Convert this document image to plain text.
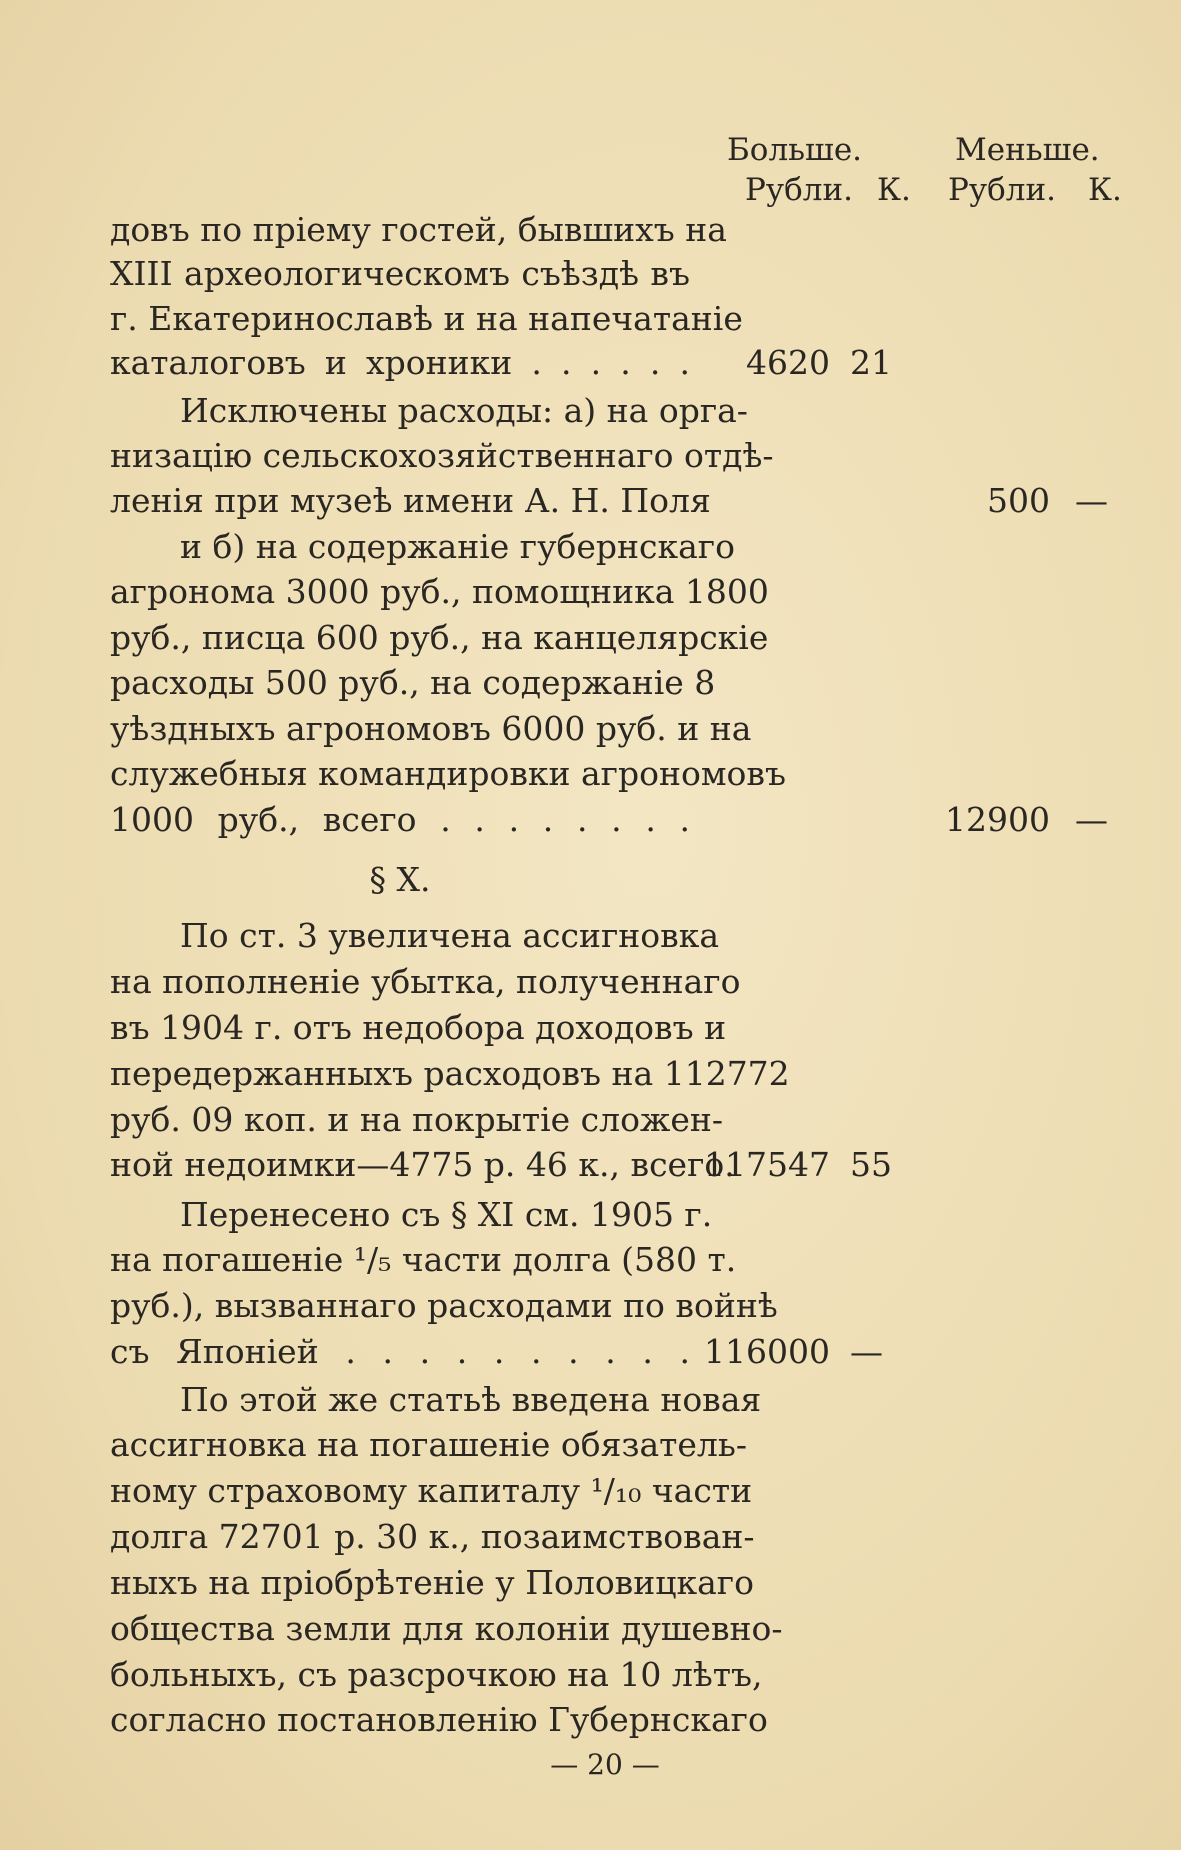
Больше.	Меньше.
Рубли. К. Рубли. К.
довъ по пріему гостей, бывшихъ на
XIII археологическомъ съѣздѣ въ
г. Екатеринославѣ и на напечатаніе
каталоговъ и хроники . . . . . .
Исключены расходы: а) на орга-
низацію сельскохозяйственнаго отдѣ-
ленія при музеѣ имени А. Н. Поля
и б) на содержаніе губернскаго
агронома 3000 руб., помощника 1800
руб., писца 600 руб., на канцелярскіе
расходы 500 руб., на содержаніе 8
уѣздныхъ агрономовъ 6000 руб. и на
служебныя командировки агрономовъ
1000 руб., всего . . . . . . . .
§ X.
По ст. 3 увеличена ассигновка
на пополненіе убытка, полученнаго
въ 1904 г. отъ недобора доходовъ и
передержанныхъ расходовъ на 112772
руб. 09 коп. и на покрытіе сложен-
ной недоимки—4775 р. 46 к., всего.
Перенесено съ § XI см. 1905 г.
на погашеніе ¹/₅ части долга (580 т.
руб.), вызваннаго расходами по войнѣ
съ Японіей . . . . . . . . . .
По этой же статьѣ введена новая
ассигновка на погашеніе обязатель-
ному страховому капиталу ¹/₁₀ части
долга 72701 р. 30 к., позаимствован-
ныхъ на пріобрѣтеніе у Половицкаго
общества земли для колоніи душевно-
больныхъ, съ разсрочкою на 10 лѣтъ,
согласно постановленію Губернскаго
4620 21
500 —
12900 —
117547 55
116000 —
— 20 —
